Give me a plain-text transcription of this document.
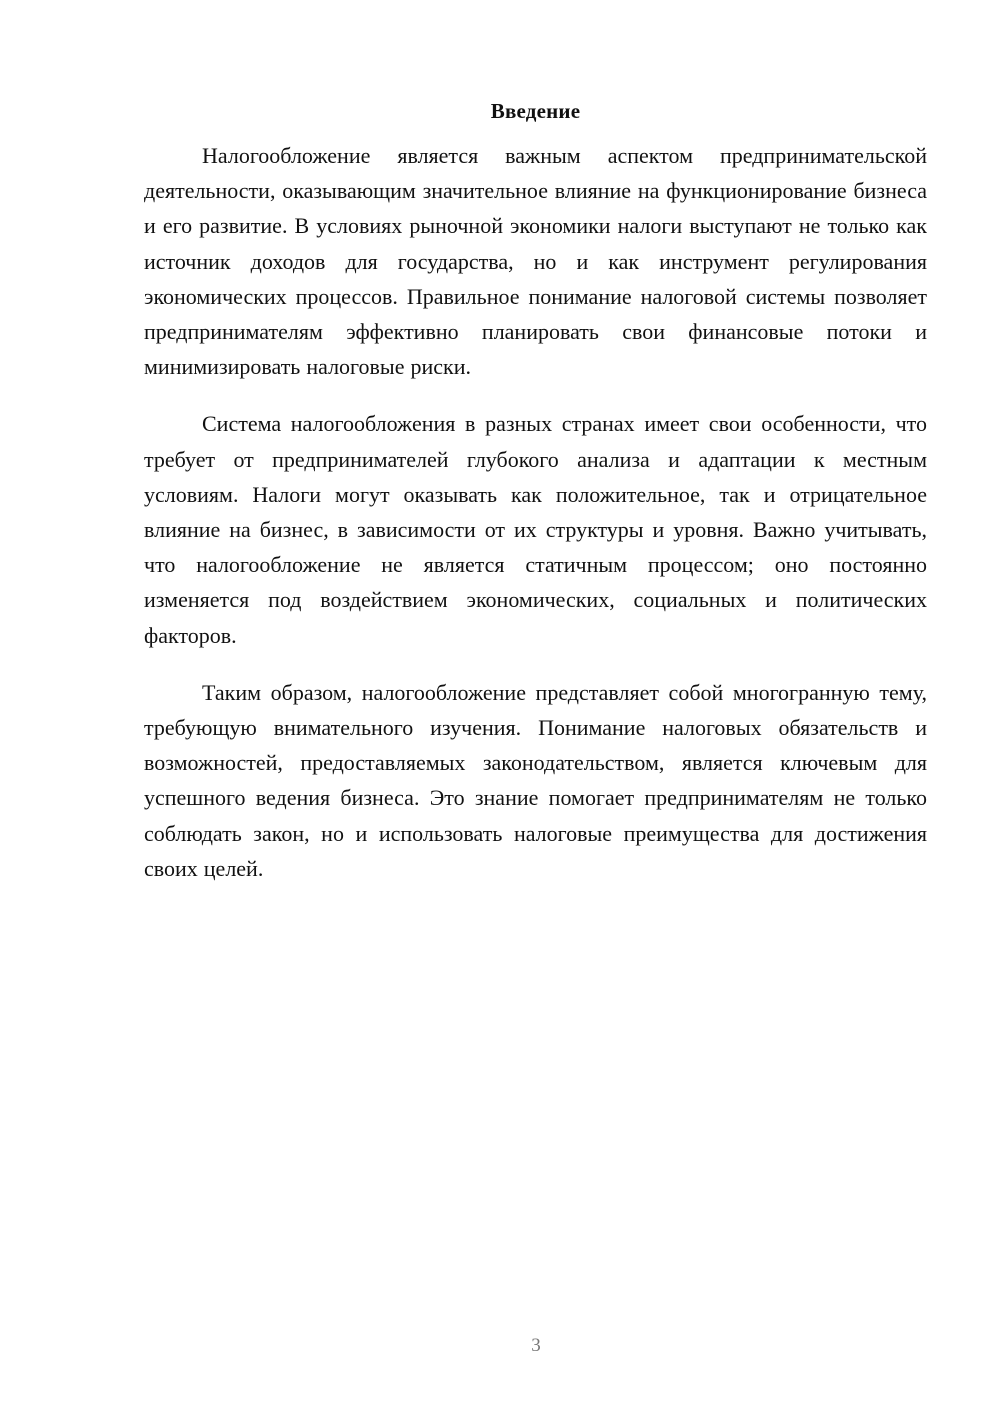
Введение

Налогообложение является важным аспектом предпринимательской деятельности, оказывающим значительное влияние на функционирование бизнеса и его развитие. В условиях рыночной экономики налоги выступают не только как источник доходов для государства, но и как инструмент регулирования экономических процессов. Правильное понимание налоговой системы позволяет предпринимателям эффективно планировать свои финансовые потоки и минимизировать налоговые риски.

Система налогообложения в разных странах имеет свои особенности, что требует от предпринимателей глубокого анализа и адаптации к местным условиям. Налоги могут оказывать как положительное, так и отрицательное влияние на бизнес, в зависимости от их структуры и уровня. Важно учитывать, что налогообложение не является статичным процессом; оно постоянно изменяется под воздействием экономических, социальных и политических факторов.

Таким образом, налогообложение представляет собой многогранную тему, требующую внимательного изучения. Понимание налоговых обязательств и возможностей, предоставляемых законодательством, является ключевым для успешного ведения бизнеса. Это знание помогает предпринимателям не только соблюдать закон, но и использовать налоговые преимущества для достижения своих целей.

3
